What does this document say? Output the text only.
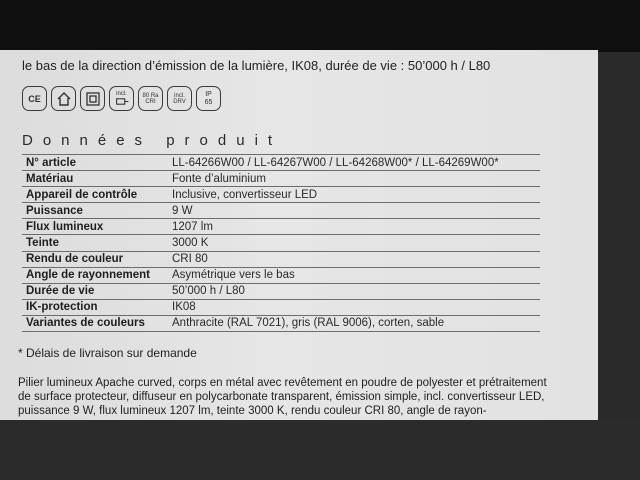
le bas de la direction d’émission de la lumière, IK08, durée de vie : 50’000 h / L80
CE	incl.	80 Ra CRI
incl. DRV
IP 65
Données produit
N° article	LL-64266W00 / LL-64267W00 / LL-64268W00* / LL-64269W00*
Matériau	Fonte d’aluminium
Appareil de contrôle	Inclusive, convertisseur LED
Puissance	9 W
Flux lumineux	1207 lm
Teinte	3000 K
Rendu de couleur	CRI 80
Angle de rayonnement	Asymétrique vers le bas
Durée de vie	50’000 h / L80
IK-protection	IK08
Variantes de couleurs	Anthracite (RAL 7021), gris (RAL 9006), corten, sable
* Délais de livraison sur demande
Pilier lumineux Apache curved, corps en métal avec revêtement en poudre de polyester et prétraitement de surface protecteur, diffuseur en polycarbonate transparent, émission simple, incl. convertisseur LED, puissance 9 W, flux lumineux 1207 lm, teinte 3000 K, rendu couleur CRI 80, angle de rayon-
